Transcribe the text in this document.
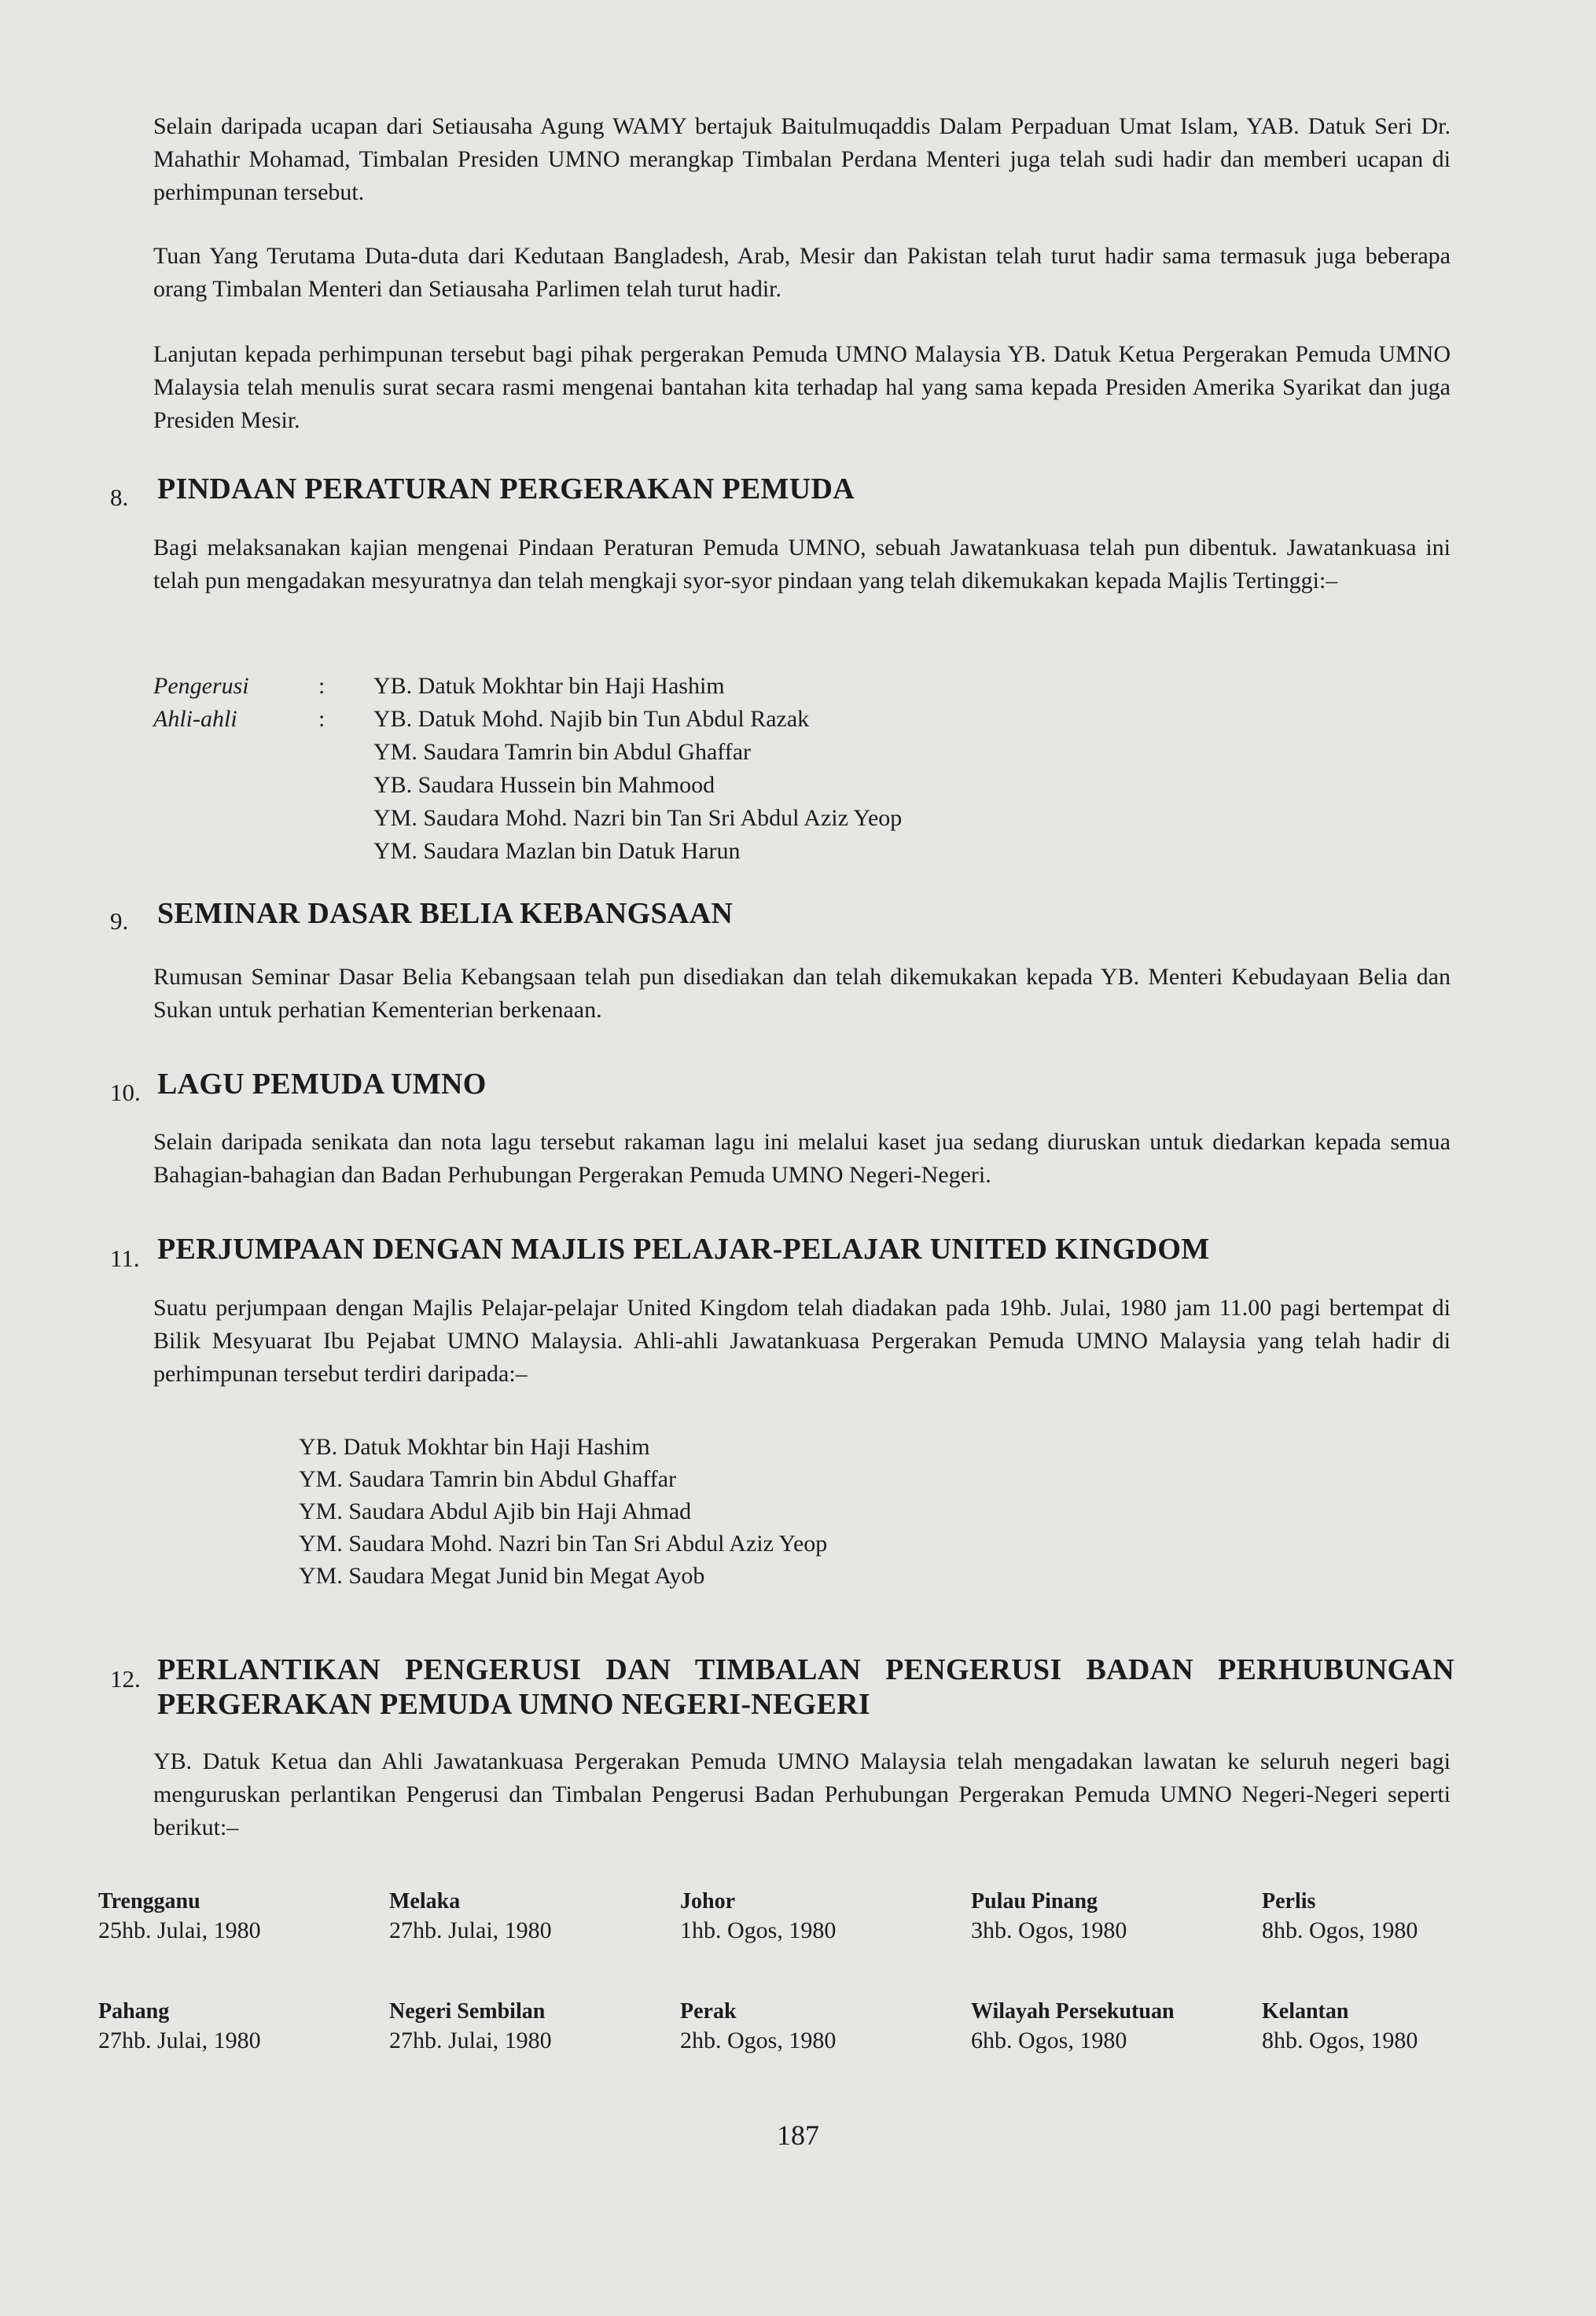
Selain daripada ucapan dari Setiausaha Agung WAMY bertajuk Baitulmuqaddis Dalam Perpaduan Umat Islam, YAB. Datuk Seri Dr. Mahathir Mohamad, Timbalan Presiden UMNO merangkap Timbalan Perdana Menteri juga telah sudi hadir dan memberi ucapan di perhimpunan tersebut.

Tuan Yang Terutama Duta-duta dari Kedutaan Bangladesh, Arab, Mesir dan Pakistan telah turut hadir sama termasuk juga beberapa orang Timbalan Menteri dan Setiausaha Parlimen telah turut hadir.

Lanjutan kepada perhimpunan tersebut bagi pihak pergerakan Pemuda UMNO Malaysia YB. Datuk Ketua Pergerakan Pemuda UMNO Malaysia telah menulis surat secara rasmi mengenai bantahan kita terhadap hal yang sama kepada Presiden Amerika Syarikat dan juga Presiden Mesir.

8. PINDAAN PERATURAN PERGERAKAN PEMUDA

Bagi melaksanakan kajian mengenai Pindaan Peraturan Pemuda UMNO, sebuah Jawatankuasa telah pun dibentuk. Jawatankuasa ini telah pun mengadakan mesyuratnya dan telah mengkaji syor-syor pindaan yang telah dikemukakan kepada Majlis Tertinggi:–

Pengerusi	:	YB. Datuk Mokhtar bin Haji Hashim
Ahli-ahli	:	YB. Datuk Mohd. Najib bin Tun Abdul Razak
YM. Saudara Tamrin bin Abdul Ghaffar
YB. Saudara Hussein bin Mahmood
YM. Saudara Mohd. Nazri bin Tan Sri Abdul Aziz Yeop
YM. Saudara Mazlan bin Datuk Harun
9. SEMINAR DASAR BELIA KEBANGSAAN

Rumusan Seminar Dasar Belia Kebangsaan telah pun disediakan dan telah dikemukakan kepada YB. Menteri Kebudayaan Belia dan Sukan untuk perhatian Kementerian berkenaan.

10. LAGU PEMUDA UMNO

Selain daripada senikata dan nota lagu tersebut rakaman lagu ini melalui kaset jua sedang diuruskan untuk diedarkan kepada semua Bahagian-bahagian dan Badan Perhubungan Pergerakan Pemuda UMNO Negeri-Negeri.

11. PERJUMPAAN DENGAN MAJLIS PELAJAR-PELAJAR UNITED KINGDOM

Suatu perjumpaan dengan Majlis Pelajar-pelajar United Kingdom telah diadakan pada 19hb. Julai, 1980 jam 11.00 pagi bertempat di Bilik Mesyuarat Ibu Pejabat UMNO Malaysia. Ahli-ahli Jawatankuasa Pergerakan Pemuda UMNO Malaysia yang telah hadir di perhimpunan tersebut terdiri daripada:–

YB. Datuk Mokhtar bin Haji Hashim
YM. Saudara Tamrin bin Abdul Ghaffar
YM. Saudara Abdul Ajib bin Haji Ahmad
YM. Saudara Mohd. Nazri bin Tan Sri Abdul Aziz Yeop
YM. Saudara Megat Junid bin Megat Ayob
12. PERLANTIKAN PENGERUSI DAN TIMBALAN PENGERUSI BADAN PERHUBUNGAN
PERGERAKAN PEMUDA UMNO NEGERI-NEGERI

YB. Datuk Ketua dan Ahli Jawatankuasa Pergerakan Pemuda UMNO Malaysia telah mengadakan lawatan ke seluruh negeri bagi menguruskan perlantikan Pengerusi dan Timbalan Pengerusi Badan Perhubungan Pergerakan Pemuda UMNO Negeri-Negeri seperti berikut:–

Trengganu
25hb. Julai, 1980
Melaka
27hb. Julai, 1980
Johor
1hb. Ogos, 1980
Pulau Pinang
3hb. Ogos, 1980
Perlis
8hb. Ogos, 1980
Pahang
27hb. Julai, 1980
Negeri Sembilan
27hb. Julai, 1980
Perak
2hb. Ogos, 1980
Wilayah Persekutuan
6hb. Ogos, 1980
Kelantan
8hb. Ogos, 1980
187
